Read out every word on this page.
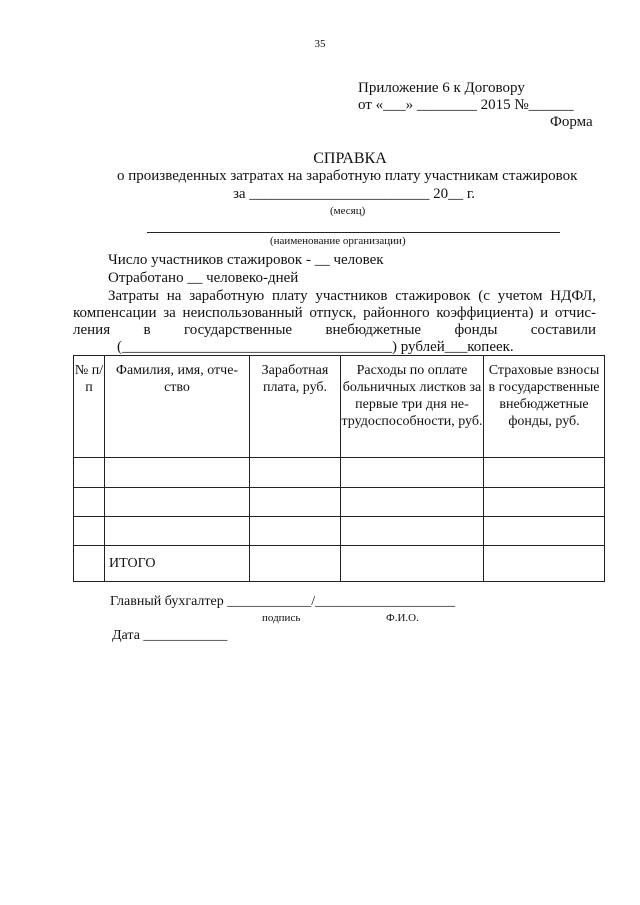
35
Приложение 6 к Договору
от «___» ________ 2015 №______
Форма
СПРАВКА
о произведенных затратах на заработную плату участникам стажировок
за ________________________ 20__ г.
(месяц)
(наименование организации)
Число участников стажировок - __ человек
Отработано __ человеко-дней
Затраты на заработную плату участников стажировок (с учетом НДФЛ,
компенсации за неиспользованный отпуск, районного коэффициента) и отчис-
ления в государственные внебюджетные фонды составили
(____________________________________) рублей___копеек.
№ п/п	Фамилия, имя, отче-ство	Заработная плата, руб.	Расходы по оплате больничных листков за первые три дня не-трудоспособности, руб.	Страховые взносы в государственные внебюджетные фонды, руб.

	ИТОГО			
Главный бухгалтер ____________/____________________
подпись	Ф.И.О.
Дата ____________
